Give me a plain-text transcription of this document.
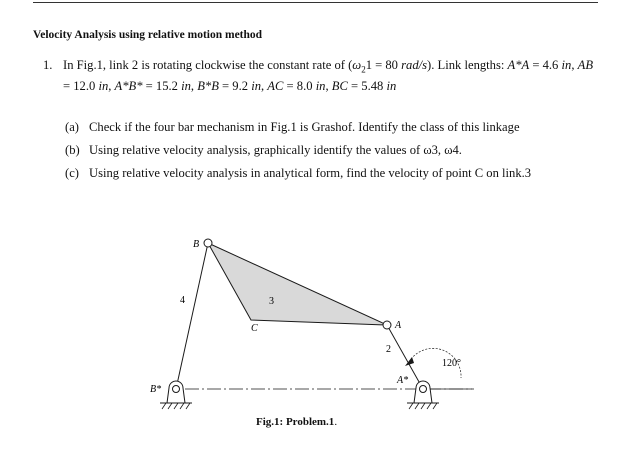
Velocity Analysis using relative motion method
1. In Fig.1, link 2 is rotating clockwise the constant rate of ($\omega_21 = 80$ rad/s). Link lengths: A*A = 4.6 in, AB = 12.0 in, A*B* = 15.2 in, B*B = 9.2 in, AC = 8.0 in, BC = 5.48 in
(a) Check if the four bar mechanism in Fig.1 is Grashof. Identify the class of this linkage
(b) Using relative velocity analysis, graphically identify the values of ω3, ω4.
(c) Using relative velocity analysis in analytical form, find the velocity of point C on link.3
B
A
C
3
4
2
B*
A*
120°
Fig.1: Problem.1.
